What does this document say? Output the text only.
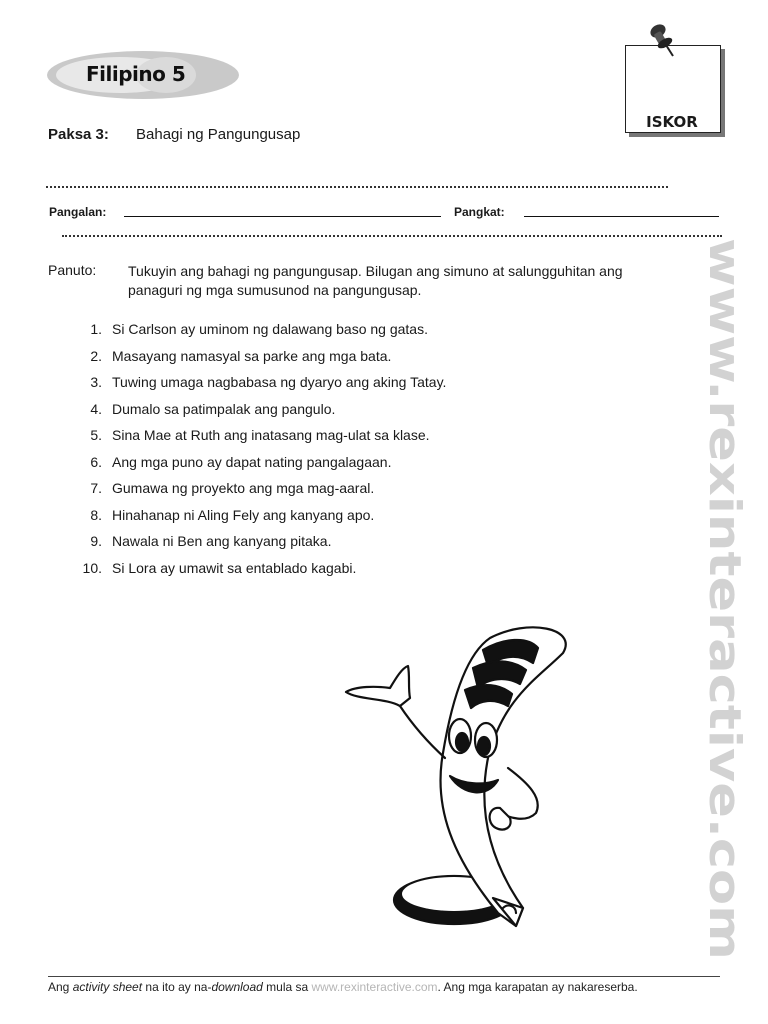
Filipino 5
ISKOR
Paksa 3: Bahagi ng Pangungusap
Pangalan:	Pangkat:
Panuto: Tukuyin ang bahagi ng pangungusap. Bilugan ang simuno at salungguhitan ang panaguri ng mga sumusunod na pangungusap.
1. Si Carlson ay uminom ng dalawang baso ng gatas.
2. Masayang namasyal sa parke ang mga bata.
3. Tuwing umaga nagbabasa ng dyaryo ang aking Tatay.
4. Dumalo sa patimpalak ang pangulo.
5. Sina Mae at Ruth ang inatasang mag-ulat sa klase.
6. Ang mga puno ay dapat nating pangalagaan.
7. Gumawa ng proyekto ang mga mag-aaral.
8. Hinahanap ni Aling Fely ang kanyang apo.
9. Nawala ni Ben ang kanyang pitaka.
10. Si Lora ay umawit sa entablado kagabi.	www.rexinteractive.com
Ang activity sheet na ito ay na-download mula sa www.rexinteractive.com. Ang mga karapatan ay nakareserba.
